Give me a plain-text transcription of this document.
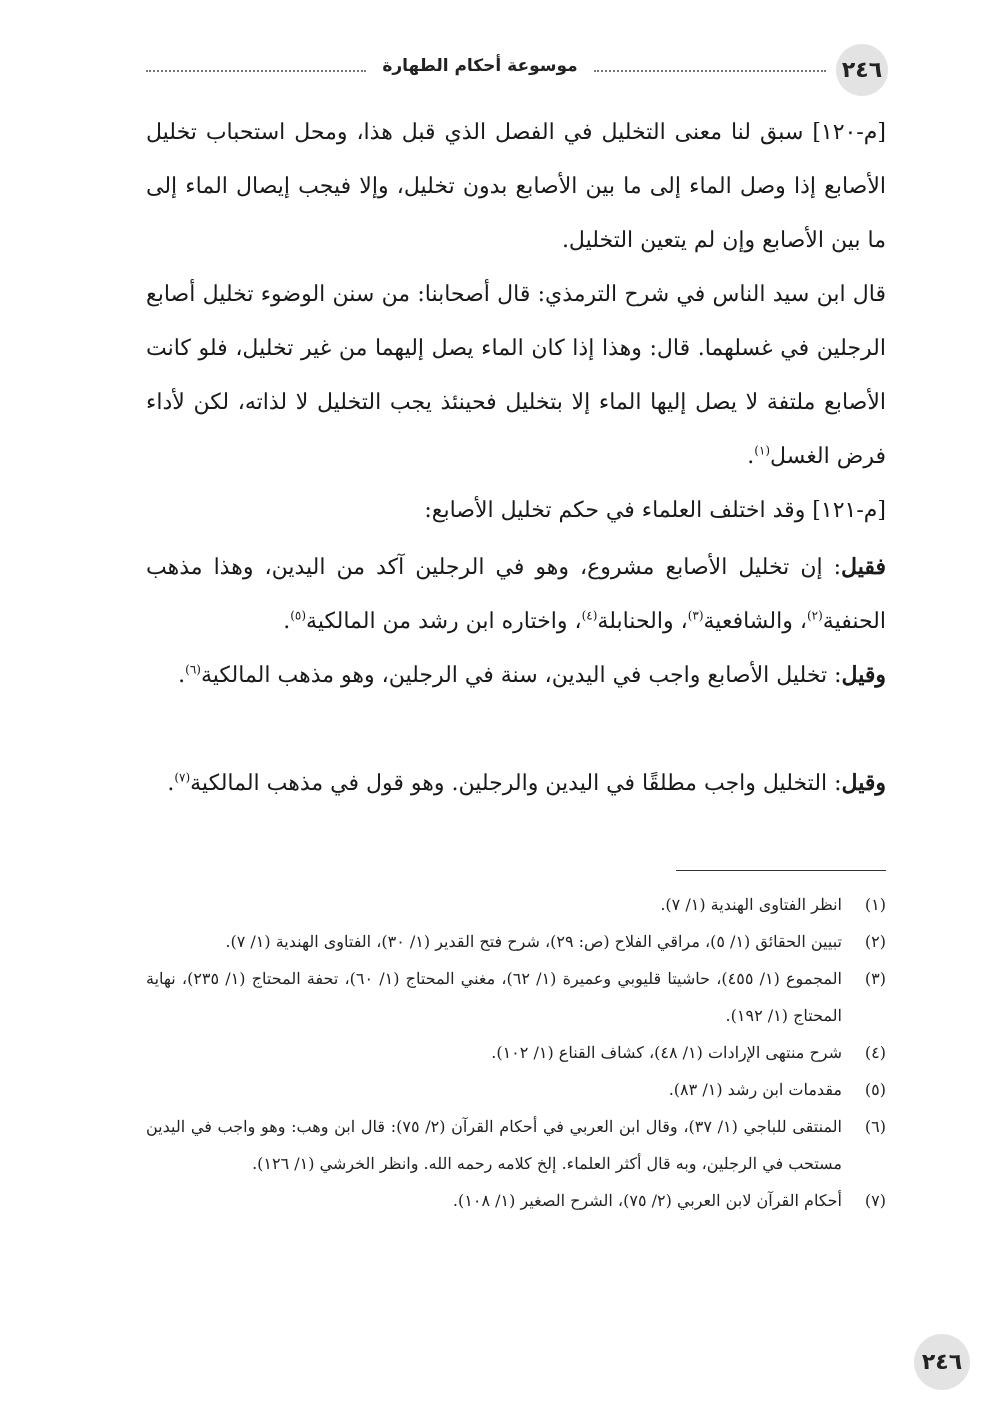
٢٤٦
موسوعة أحكام الطهارة

[م-١٢٠] سبق لنا معنى التخليل في الفصل الذي قبل هذا، ومحل استحباب تخليل الأصابع إذا وصل الماء إلى ما بين الأصابع بدون تخليل، وإلا فيجب إيصال الماء إلى ما بين الأصابع وإن لم يتعين التخليل.

قال ابن سيد الناس في شرح الترمذي: قال أصحابنا: من سنن الوضوء تخليل أصابع الرجلين في غسلهما. قال: وهذا إذا كان الماء يصل إليهما من غير تخليل، فلو كانت الأصابع ملتفة لا يصل إليها الماء إلا بتخليل فحينئذ يجب التخليل لا لذاته، لكن لأداء فرض الغسل$^{(١)}$.

[م-١٢١] وقد اختلف العلماء في حكم تخليل الأصابع:

فقيل: إن تخليل الأصابع مشروع، وهو في الرجلين آكد من اليدين، وهذا مذهب الحنفية$^{(٢)}$، والشافعية$^{(٣)}$، والحنابلة$^{(٤)}$، واختاره ابن رشد من المالكية$^{(٥)}$.

وقيل: تخليل الأصابع واجب في اليدين، سنة في الرجلين، وهو مذهب المالكية$^{(٦)}$.

وقيل: التخليل واجب مطلقًا في اليدين والرجلين. وهو قول في مذهب المالكية$^{(٧)}$.

(١)
انظر الفتاوى الهندية (١/ ٧).
(٢)
تبيين الحقائق (١/ ٥)، مراقي الفلاح (ص: ٢٩)، شرح فتح القدير (١/ ٣٠)، الفتاوى الهندية (١/ ٧).
(٣)
المجموع (١/ ٤٥٥)، حاشيتا قليوبي وعميرة (١/ ٦٢)، مغني المحتاج (١/ ٦٠)، تحفة المحتاج (١/ ٢٣٥)، نهاية المحتاج (١/ ١٩٢).
(٤)
شرح منتهى الإرادات (١/ ٤٨)، كشاف القناع (١/ ١٠٢).
(٥)
مقدمات ابن رشد (١/ ٨٣).
(٦)
المنتقى للباجي (١/ ٣٧)، وقال ابن العربي في أحكام القرآن (٢/ ٧٥): قال ابن وهب: وهو واجب في اليدين مستحب في الرجلين، وبه قال أكثر العلماء. إلخ كلامه رحمه الله. وانظر الخرشي (١/ ١٢٦).
(٧)
أحكام القرآن لابن العربي (٢/ ٧٥)، الشرح الصغير (١/ ١٠٨).
٢٤٦
